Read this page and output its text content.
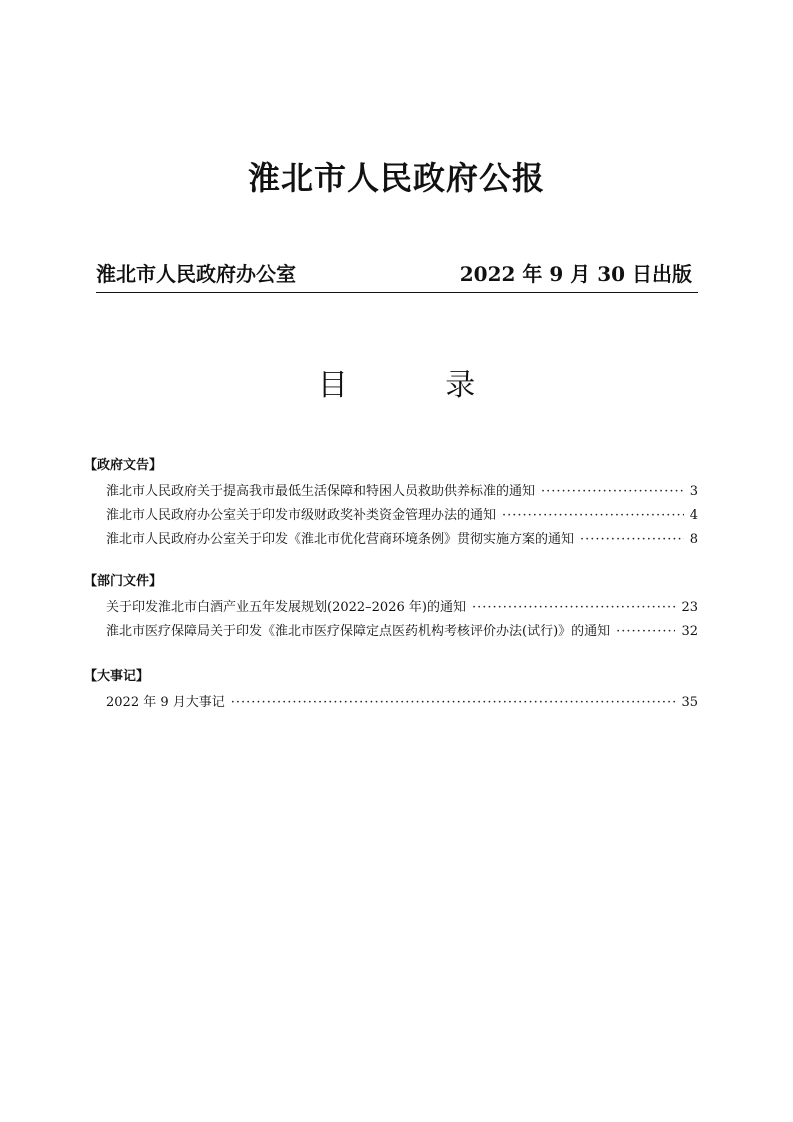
淮北市人民政府公报
淮北市人民政府办公室	2022 年 9 月 30 日出版
目 录
【政府文告】
淮北市人民政府关于提高我市最低生活保障和特困人员救助供养标准的通知 ·····	3
淮北市人民政府办公室关于印发市级财政奖补类资金管理办法的通知 ·····	4
淮北市人民政府办公室关于印发《淮北市优化营商环境条例》贯彻实施方案的通知 ·····	8
【部门文件】
关于印发淮北市白酒产业五年发展规划(2022–2026 年)的通知 ·····	23
淮北市医疗保障局关于印发《淮北市医疗保障定点医药机构考核评价办法(试行)》的通知 ·····	32
【大事记】
2022 年 9 月大事记 ·····	35
